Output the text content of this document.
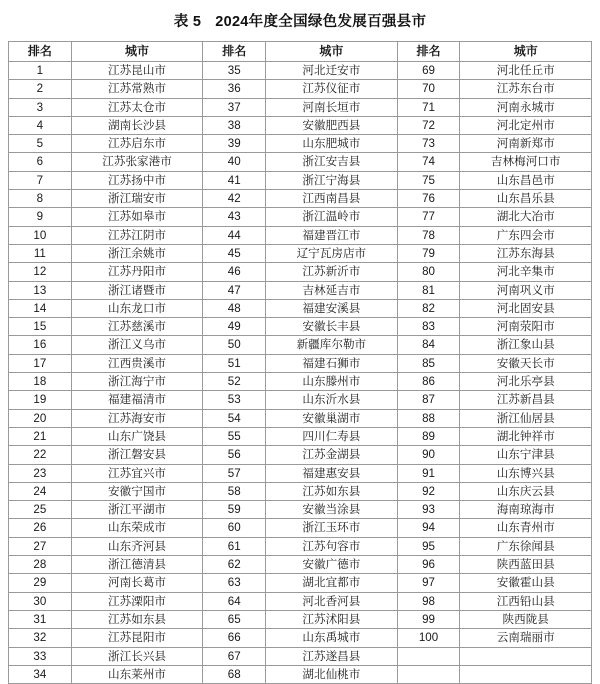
表 5 2024年度全国绿色发展百强县市
排名	城市	排名	城市	排名	城市
1	江苏昆山市	35	河北迁安市	69	河北任丘市
2	江苏常熟市	36	江苏仪征市	70	江苏东台市
3	江苏太仓市	37	河南长垣市	71	河南永城市
4	湖南长沙县	38	安徽肥西县	72	河北定州市
5	江苏启东市	39	山东肥城市	73	河南新郑市
6	江苏张家港市	40	浙江安吉县	74	吉林梅河口市
7	江苏扬中市	41	浙江宁海县	75	山东昌邑市
8	浙江瑞安市	42	江西南昌县	76	山东昌乐县
9	江苏如皋市	43	浙江温岭市	77	湖北大冶市
10	江苏江阴市	44	福建晋江市	78	广东四会市
11	浙江余姚市	45	辽宁瓦房店市	79	江苏东海县
12	江苏丹阳市	46	江苏新沂市	80	河北辛集市
13	浙江诸暨市	47	吉林延吉市	81	河南巩义市
14	山东龙口市	48	福建安溪县	82	河北固安县
15	江苏慈溪市	49	安徽长丰县	83	河南荥阳市
16	浙江义乌市	50	新疆库尔勒市	84	浙江象山县
17	江西贵溪市	51	福建石狮市	85	安徽天长市
18	浙江海宁市	52	山东滕州市	86	河北乐亭县
19	福建福清市	53	山东沂水县	87	江苏新昌县
20	江苏海安市	54	安徽巢湖市	88	浙江仙居县
21	山东广饶县	55	四川仁寿县	89	湖北钟祥市
22	浙江磐安县	56	江苏金湖县	90	山东宁津县
23	江苏宜兴市	57	福建惠安县	91	山东博兴县
24	安徽宁国市	58	江苏如东县	92	山东庆云县
25	浙江平湖市	59	安徽当涂县	93	海南琼海市
26	山东荣成市	60	浙江玉环市	94	山东青州市
27	山东齐河县	61	江苏句容市	95	广东徐闻县
28	浙江德清县	62	安徽广德市	96	陕西蓝田县
29	河南长葛市	63	湖北宜都市	97	安徽霍山县
30	江苏溧阳市	64	河北香河县	98	江西铅山县
31	江苏如东县	65	江苏沭阳县	99	陕西陇县
32	江苏昆阳市	66	山东禹城市	100	云南瑞丽市
33	浙江长兴县	67	江苏遂昌县		
34	山东莱州市	68	湖北仙桃市		
